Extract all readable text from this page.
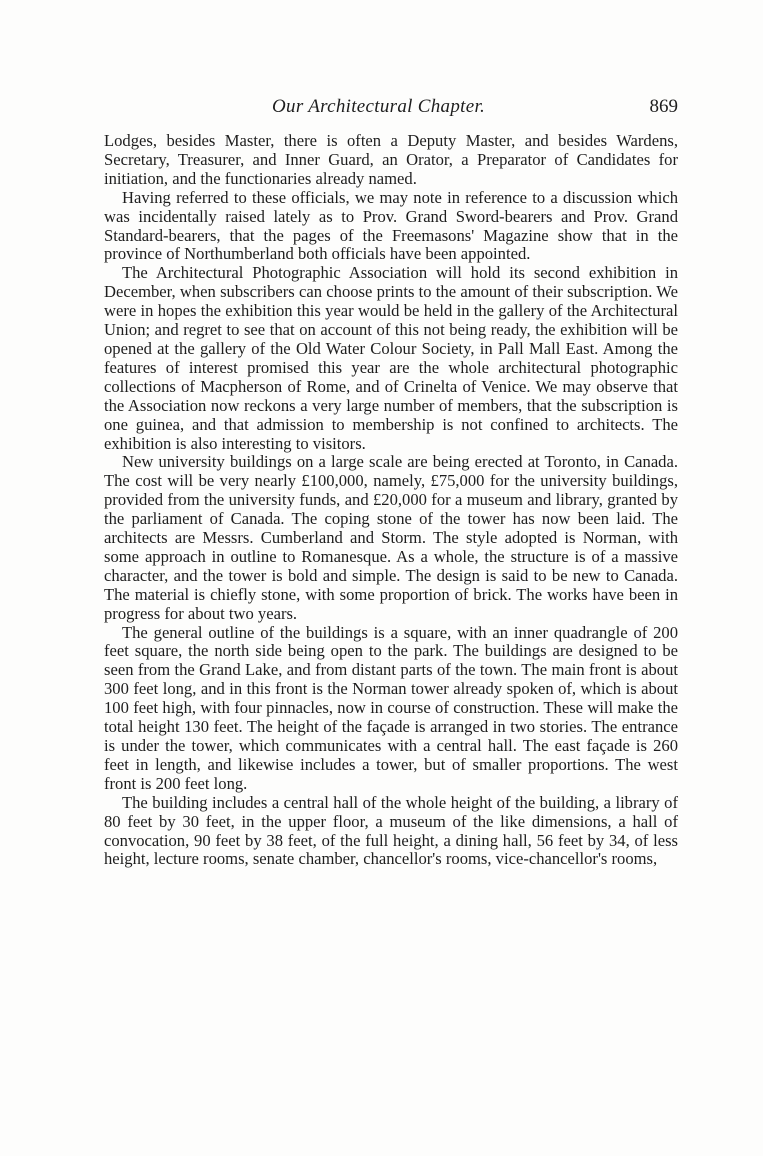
Our Architectural Chapter.	869

Lodges, besides Master, there is often a Deputy Master, and besides Wardens, Secretary, Treasurer, and Inner Guard, an Orator, a Preparator of Candidates for initiation, and the functionaries already named.

Having referred to these officials, we may note in reference to a discussion which was incidentally raised lately as to Prov. Grand Sword-bearers and Prov. Grand Standard-bearers, that the pages of the Freemasons' Magazine show that in the province of Northumberland both officials have been appointed.

The Architectural Photographic Association will hold its second exhibition in December, when subscribers can choose prints to the amount of their subscription. We were in hopes the exhibition this year would be held in the gallery of the Architectural Union; and regret to see that on account of this not being ready, the exhibition will be opened at the gallery of the Old Water Colour Society, in Pall Mall East. Among the features of interest promised this year are the whole architectural photographic collections of Macpherson of Rome, and of Crinelta of Venice. We may observe that the Association now reckons a very large number of members, that the subscription is one guinea, and that admission to membership is not confined to architects. The exhibition is also interesting to visitors.

New university buildings on a large scale are being erected at Toronto, in Canada. The cost will be very nearly £100,000, namely, £75,000 for the university buildings, provided from the university funds, and £20,000 for a museum and library, granted by the parliament of Canada. The coping stone of the tower has now been laid. The architects are Messrs. Cumberland and Storm. The style adopted is Norman, with some approach in outline to Romanesque. As a whole, the structure is of a massive character, and the tower is bold and simple. The design is said to be new to Canada. The material is chiefly stone, with some proportion of brick. The works have been in progress for about two years.

The general outline of the buildings is a square, with an inner quadrangle of 200 feet square, the north side being open to the park. The buildings are designed to be seen from the Grand Lake, and from distant parts of the town. The main front is about 300 feet long, and in this front is the Norman tower already spoken of, which is about 100 feet high, with four pinnacles, now in course of construction. These will make the total height 130 feet. The height of the façade is arranged in two stories. The entrance is under the tower, which communicates with a central hall. The east façade is 260 feet in length, and likewise includes a tower, but of smaller proportions. The west front is 200 feet long.

The building includes a central hall of the whole height of the building, a library of 80 feet by 30 feet, in the upper floor, a museum of the like dimensions, a hall of convocation, 90 feet by 38 feet, of the full height, a dining hall, 56 feet by 34, of less height, lecture rooms, senate chamber, chancellor's rooms, vice-chancellor's rooms,
